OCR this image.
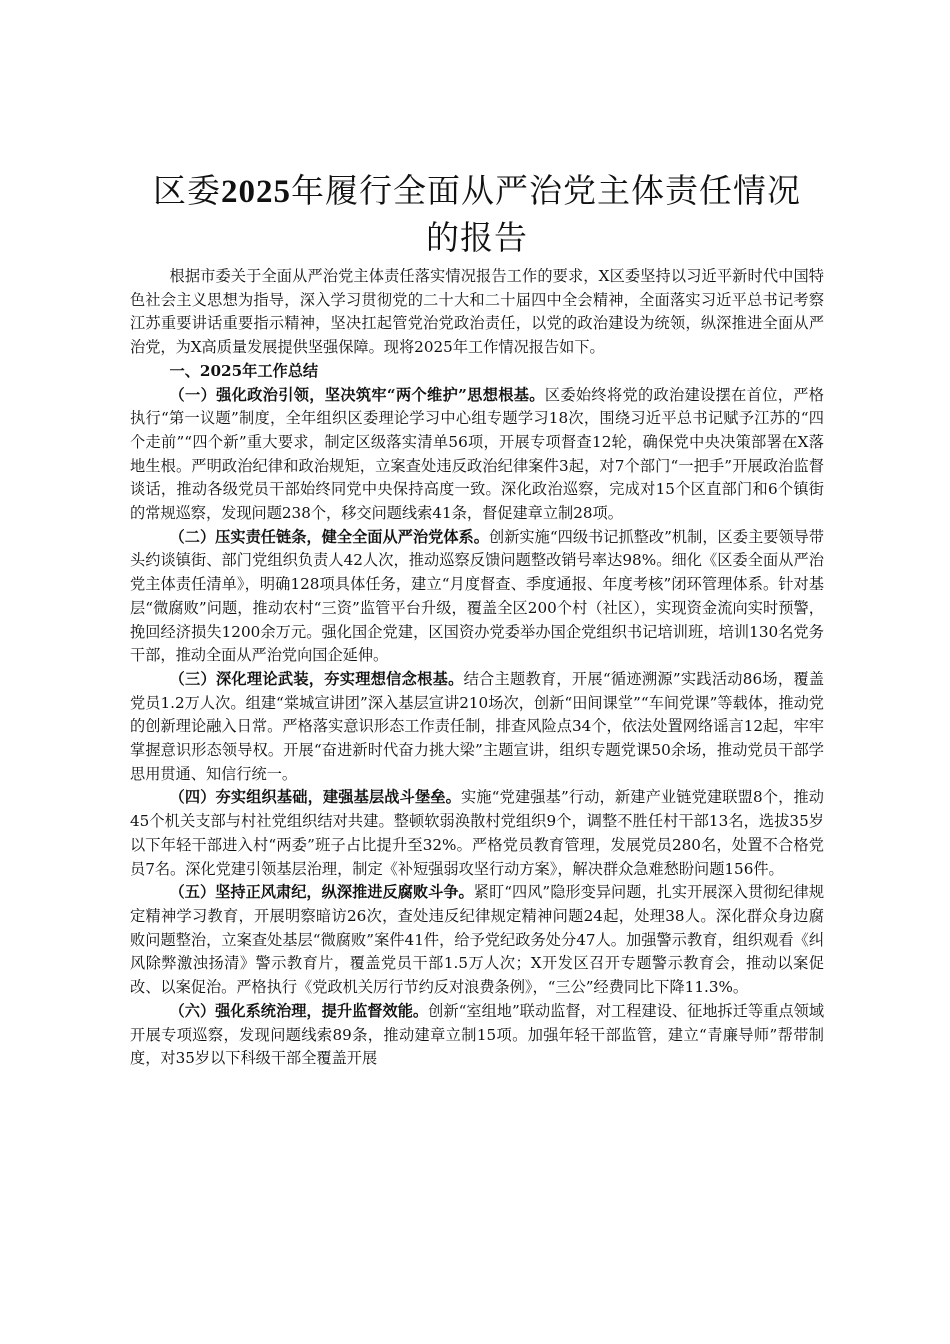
区委2025年履行全面从严治党主体责任情况
的报告

根据市委关于全面从严治党主体责任落实情况报告工作的要求，X区委坚持以习近平新时代中国特色社会主义思想为指导，深入学习贯彻党的二十大和二十届四中全会精神，全面落实习近平总书记考察江苏重要讲话重要指示精神，坚决扛起管党治党政治责任，以党的政治建设为统领，纵深推进全面从严治党，为X高质量发展提供坚强保障。现将2025年工作情况报告如下。

一、2025年工作总结

（一）强化政治引领，坚决筑牢“两个维护”思想根基。区委始终将党的政治建设摆在首位，严格执行“第一议题”制度，全年组织区委理论学习中心组专题学习18次，围绕习近平总书记赋予江苏的“四个走前”“四个新”重大要求，制定区级落实清单56项，开展专项督查12轮，确保党中央决策部署在X落地生根。严明政治纪律和政治规矩，立案查处违反政治纪律案件3起，对7个部门“一把手”开展政治监督谈话，推动各级党员干部始终同党中央保持高度一致。深化政治巡察，完成对15个区直部门和6个镇街的常规巡察，发现问题238个，移交问题线索41条，督促建章立制28项。

（二）压实责任链条，健全全面从严治党体系。创新实施“四级书记抓整改”机制，区委主要领导带头约谈镇街、部门党组织负责人42人次，推动巡察反馈问题整改销号率达98%。细化《区委全面从严治党主体责任清单》，明确128项具体任务，建立“月度督查、季度通报、年度考核”闭环管理体系。针对基层“微腐败”问题，推动农村“三资”监管平台升级，覆盖全区200个村（社区），实现资金流向实时预警，挽回经济损失1200余万元。强化国企党建，区国资办党委举办国企党组织书记培训班，培训130名党务干部，推动全面从严治党向国企延伸。

（三）深化理论武装，夯实理想信念根基。结合主题教育，开展“循迹溯源”实践活动86场，覆盖党员1.2万人次。组建“棠城宣讲团”深入基层宣讲210场次，创新“田间课堂”“车间党课”等载体，推动党的创新理论融入日常。严格落实意识形态工作责任制，排查风险点34个，依法处置网络谣言12起，牢牢掌握意识形态领导权。开展“奋进新时代奋力挑大梁”主题宣讲，组织专题党课50余场，推动党员干部学思用贯通、知信行统一。

（四）夯实组织基础，建强基层战斗堡垒。实施“党建强基”行动，新建产业链党建联盟8个，推动45个机关支部与村社党组织结对共建。整顿软弱涣散村党组织9个，调整不胜任村干部13名，选拔35岁以下年轻干部进入村“两委”班子占比提升至32%。严格党员教育管理，发展党员280名，处置不合格党员7名。深化党建引领基层治理，制定《补短强弱攻坚行动方案》，解决群众急难愁盼问题156件。

（五）坚持正风肃纪，纵深推进反腐败斗争。紧盯“四风”隐形变异问题，扎实开展深入贯彻纪律规定精神学习教育，开展明察暗访26次，查处违反纪律规定精神问题24起，处理38人。深化群众身边腐败问题整治，立案查处基层“微腐败”案件41件，给予党纪政务处分47人。加强警示教育，组织观看《纠风除弊激浊扬清》警示教育片，覆盖党员干部1.5万人次；X开发区召开专题警示教育会，推动以案促改、以案促治。严格执行《党政机关厉行节约反对浪费条例》，“三公”经费同比下降11.3%。

（六）强化系统治理，提升监督效能。创新“室组地”联动监督，对工程建设、征地拆迁等重点领域开展专项巡察，发现问题线索89条，推动建章立制15项。加强年轻干部监管，建立“青廉导师”帮带制度，对35岁以下科级干部全覆盖开展
